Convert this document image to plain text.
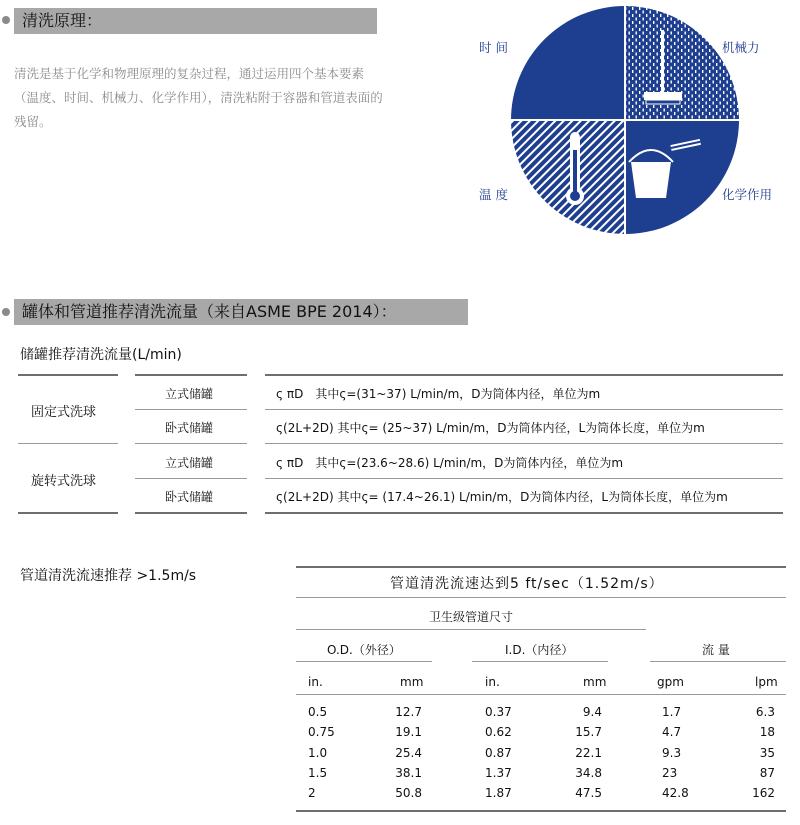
清洗原理：
清洗是基于化学和物理原理的复杂过程，通过运用四个基本要素（温度、时间、机械力、化学作用），清洗粘附于容器和管道表面的残留。
时 间	机械力
温 度	化学作用
罐体和管道推荐清洗流量（来自ASME BPE 2014）：
储罐推荐清洗流量(L/min)
固定式洗球
立式储罐	ς πD　其中ς=(31~37) L/min/m，D为筒体内径，单位为m
卧式储罐	ς(2L+2D) 其中ς= (25~37) L/min/m，D为筒体内径，L为筒体长度，单位为m
旋转式洗球
立式储罐	ς πD　其中ς=(23.6~28.6) L/min/m，D为筒体内径，单位为m
卧式储罐	ς(2L+2D) 其中ς= (17.4~26.1) L/min/m，D为筒体内径，L为筒体长度，单位为m
管道清洗流速推荐 >1.5m/s	管道清洗流速达到5 ft/sec（1.52m/s）
卫生级管道尺寸
O.D.（外径）	I.D.（内径）	流 量
in.	mm	in.	mm	gpm	lpm
0.5	12.7	0.37	9.4	1.7	6.3
0.75	19.1	0.62	15.7	4.7	18
1.0	25.4	0.87	22.1	9.3	35
1.5	38.1	1.37	34.8	23	87
2	50.8	1.87	47.5	42.8	162
